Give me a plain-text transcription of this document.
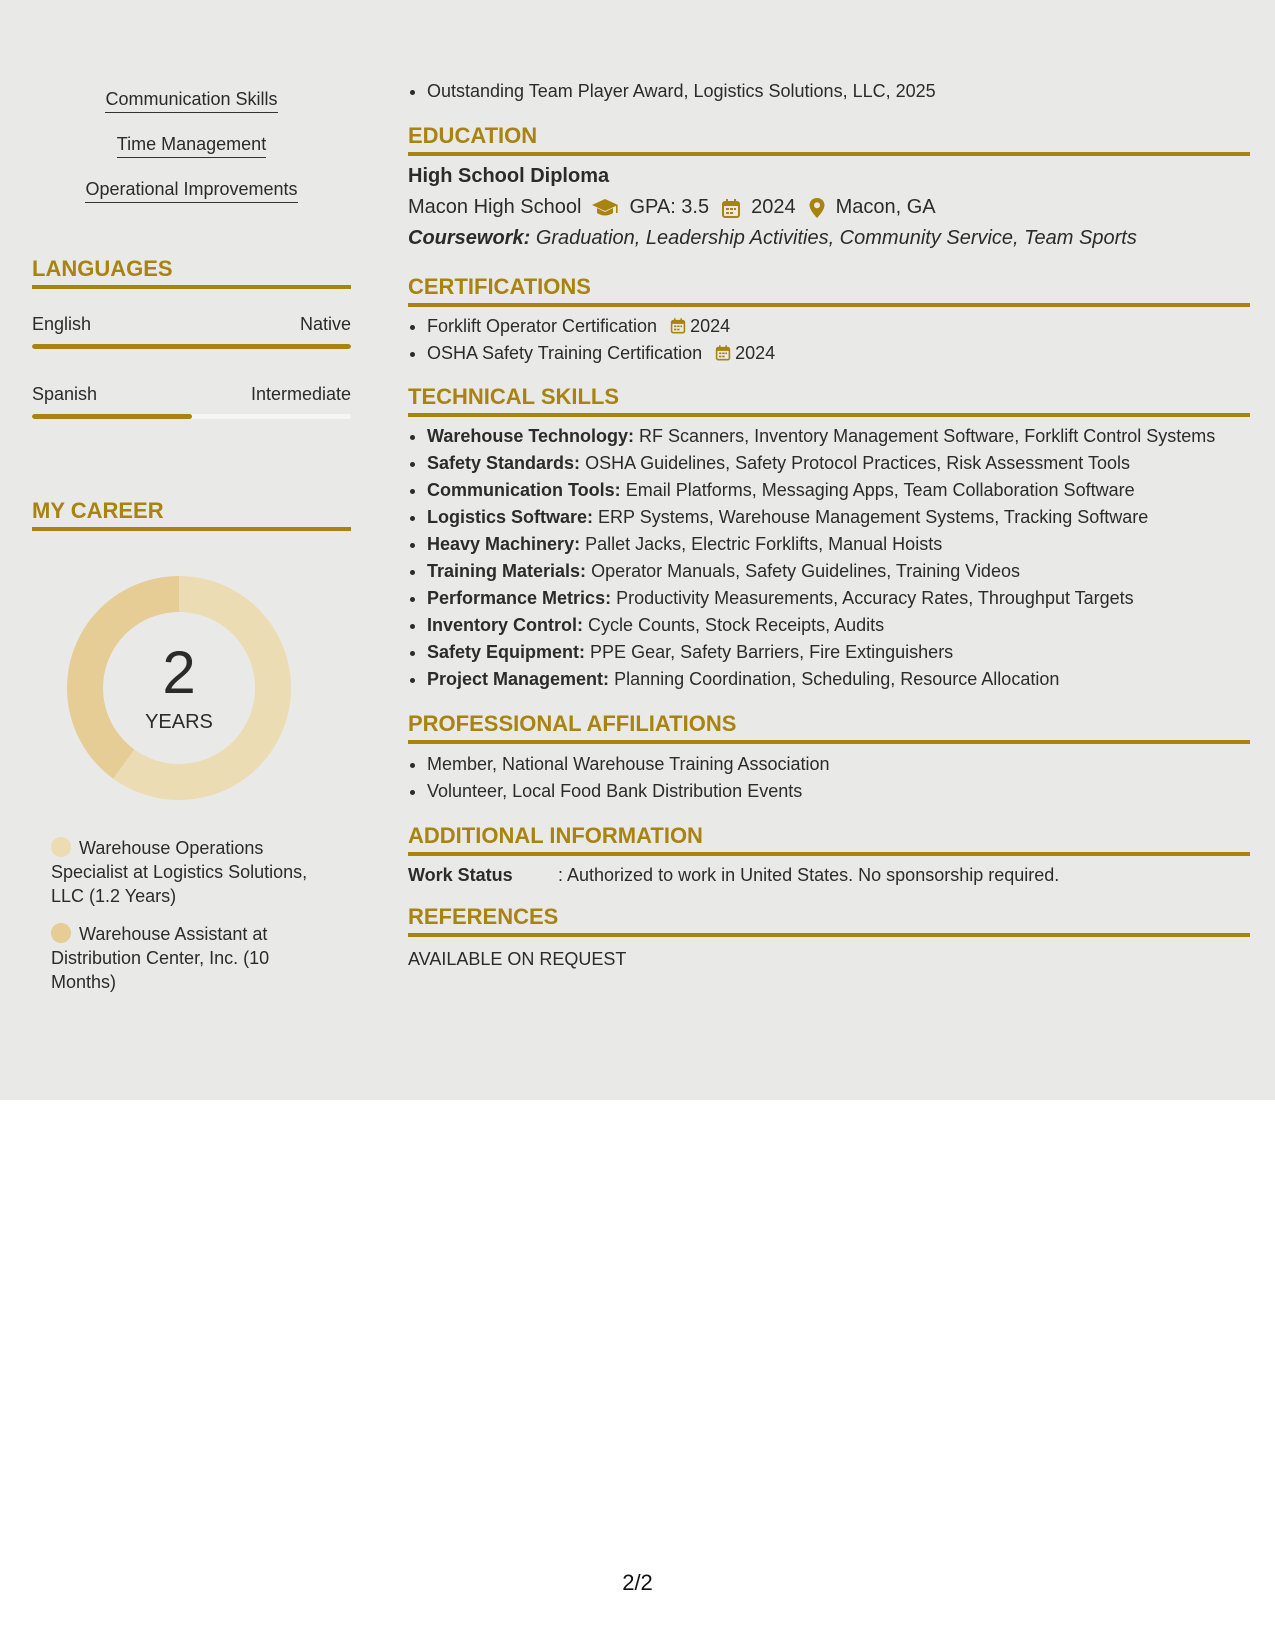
Communication Skills
Time Management
Operational Improvements
LANGUAGES
English	Native
Spanish	Intermediate
MY CAREER
2
YEARS
Warehouse Operations Specialist at Logistics Solutions, LLC (1.2 Years)
Warehouse Assistant at Distribution Center, Inc. (10 Months)
• Outstanding Team Player Award, Logistics Solutions, LLC, 2025
EDUCATION
High School Diploma
Macon High School GPA: 3.5 2024 Macon, GA
Coursework: Graduation, Leadership Activities, Community Service, Team Sports
CERTIFICATIONS
• Forklift Operator Certification 2024
• OSHA Safety Training Certification 2024
TECHNICAL SKILLS
• Warehouse Technology: RF Scanners, Inventory Management Software, Forklift Control Systems
• Safety Standards: OSHA Guidelines, Safety Protocol Practices, Risk Assessment Tools
• Communication Tools: Email Platforms, Messaging Apps, Team Collaboration Software
• Logistics Software: ERP Systems, Warehouse Management Systems, Tracking Software
• Heavy Machinery: Pallet Jacks, Electric Forklifts, Manual Hoists
• Training Materials: Operator Manuals, Safety Guidelines, Training Videos
• Performance Metrics: Productivity Measurements, Accuracy Rates, Throughput Targets
• Inventory Control: Cycle Counts, Stock Receipts, Audits
• Safety Equipment: PPE Gear, Safety Barriers, Fire Extinguishers
• Project Management: Planning Coordination, Scheduling, Resource Allocation
PROFESSIONAL AFFILIATIONS
• Member, National Warehouse Training Association
• Volunteer, Local Food Bank Distribution Events
ADDITIONAL INFORMATION
Work Status	: Authorized to work in United States. No sponsorship required.
REFERENCES
AVAILABLE ON REQUEST
2/2
